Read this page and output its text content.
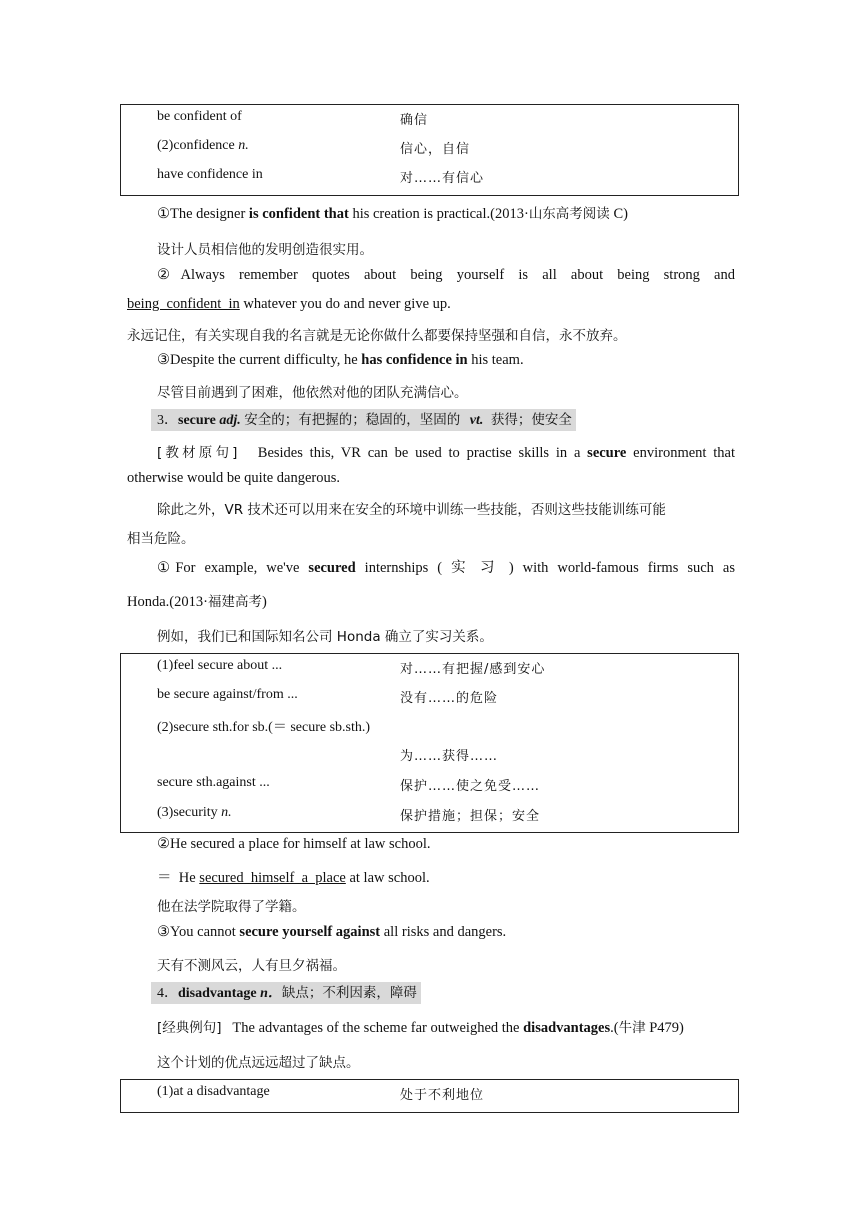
be confident of	确信
(2)confidence n.	信心，自信
have confidence in	对……有信心
①The designer is confident that his creation is practical.(2013·山东高考阅读 C)
设计人员相信他的发明创造很实用。
②Always remember quotes about being yourself is all about being strong and
being  confident  in whatever you do and never give up.
永远记住，有关实现自我的名言就是无论你做什么都要保持坚强和自信，永不放弃。
③Despite the current difficulty, he has confidence in his team.
尽管目前遇到了困难，他依然对他的团队充满信心。
3．secure adj. 安全的；有把握的；稳固的，坚固的 vt. 获得；使安全
[教材原句] Besides this, VR can be used to practise skills in a secure environment that
otherwise would be quite dangerous.
除此之外，VR 技术还可以用来在安全的环境中训练一些技能，否则这些技能训练可能
相当危险。
①For example, we've secured internships ( 实 习 ) with world-famous firms such as
Honda.(2013·福建高考)
例如，我们已和国际知名公司 Honda 确立了实习关系。
(1)feel secure about ...	对……有把握/感到安心
be secure against/from ...	没有……的危险
(2)secure sth.for sb.(＝ secure sb.sth.)
为……获得……
secure sth.against ...	保护……使之免受……
(3)security n.	保护措施；担保；安全
②He secured a place for himself at law school.
＝  He secured  himself  a  place at law school.
他在法学院取得了学籍。
③You cannot secure yourself against all risks and dangers.
天有不测风云，人有旦夕祸福。
4．disadvantage n．缺点；不利因素，障碍
[经典例句] The advantages of the scheme far outweighed the disadvantages.(牛津 P479)
这个计划的优点远远超过了缺点。
(1)at a disadvantage	处于不利地位
